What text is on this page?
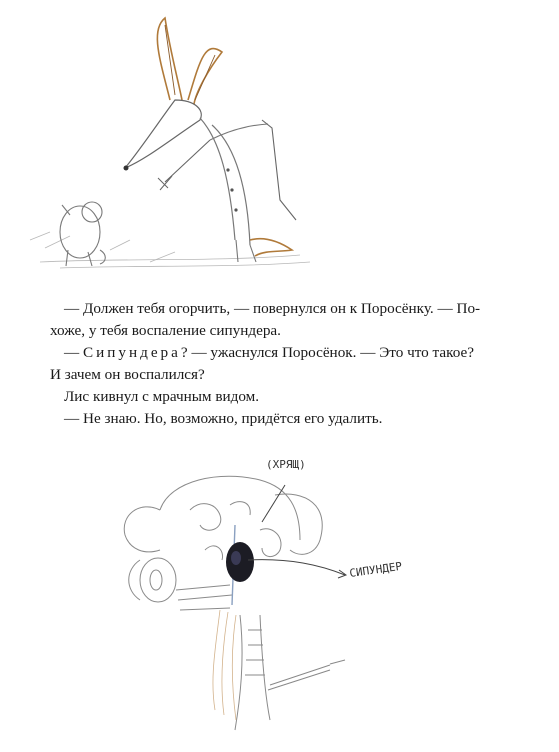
— Должен тебя огорчить, — повернулся он к Поросёнку. — По-

хоже, у тебя воспаление сипундера.

— Сипундера? — ужаснулся Поросёнок. — Это что такое?

И зачем он воспалился?

Лис кивнул с мрачным видом.

— Не знаю. Но, возможно, придётся его удалить.

(ХРЯЩ)
СИПУНДЕР
